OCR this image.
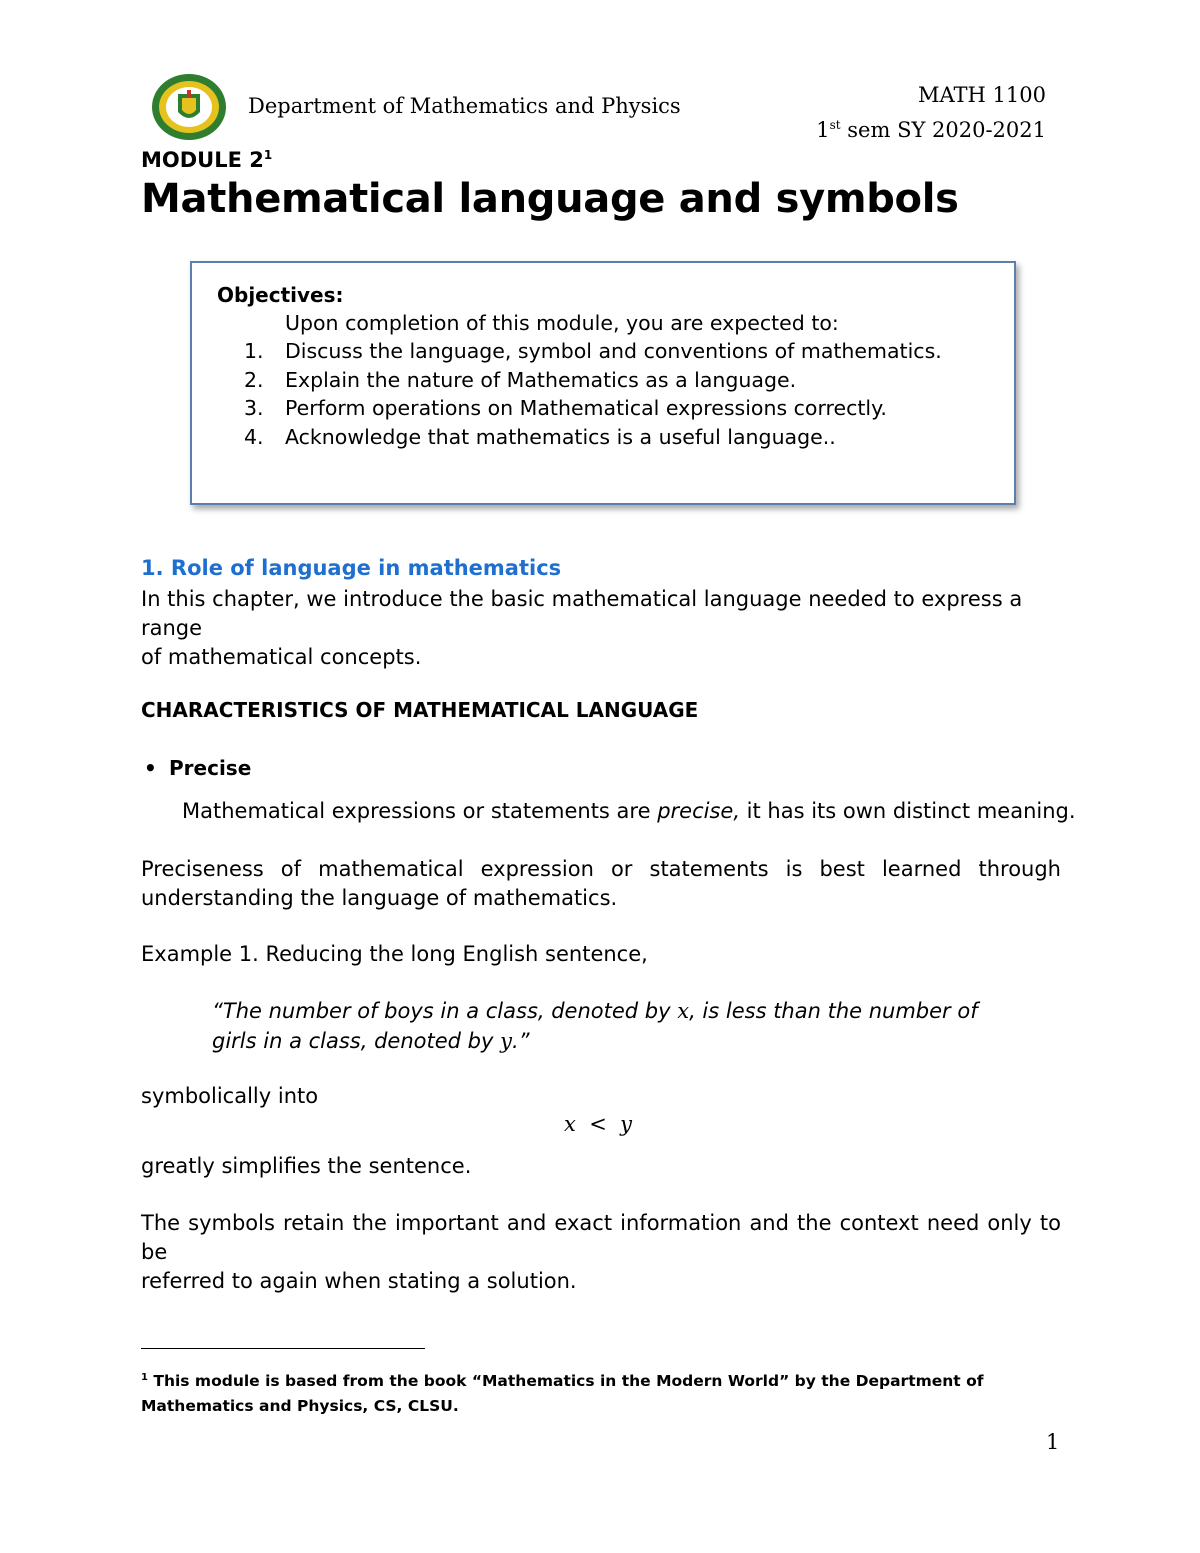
Department of Mathematics and Physics	MATH 1100
1st sem SY 2020-2021
MODULE $2^1$
Mathematical language and symbols
Objectives:
Upon completion of this module, you are expected to:
1. Discuss the language, symbol and conventions of mathematics.
2. Explain the nature of Mathematics as a language.
3. Perform operations on Mathematical expressions correctly.
4. Acknowledge that mathematics is a useful language..
1. Role of language in mathematics
In this chapter, we introduce the basic mathematical language needed to express a range
of mathematical concepts.
CHARACTERISTICS OF MATHEMATICAL LANGUAGE
• Precise
Mathematical expressions or statements are precise, it has its own distinct meaning.
Preciseness of mathematical expression or statements is best learned through
understanding the language of mathematics.
Example 1. Reducing the long English sentence,
“The number of boys in a class, denoted by x, is less than the number of
girls in a class, denoted by y.”
symbolically into
x  <  y
greatly simplifies the sentence.
The symbols retain the important and exact information and the context need only to be
referred to again when stating a solution.
$^1$ This module is based from the book “Mathematics in the Modern World” by the Department of Mathematics and Physics, CS, CLSU.
1
